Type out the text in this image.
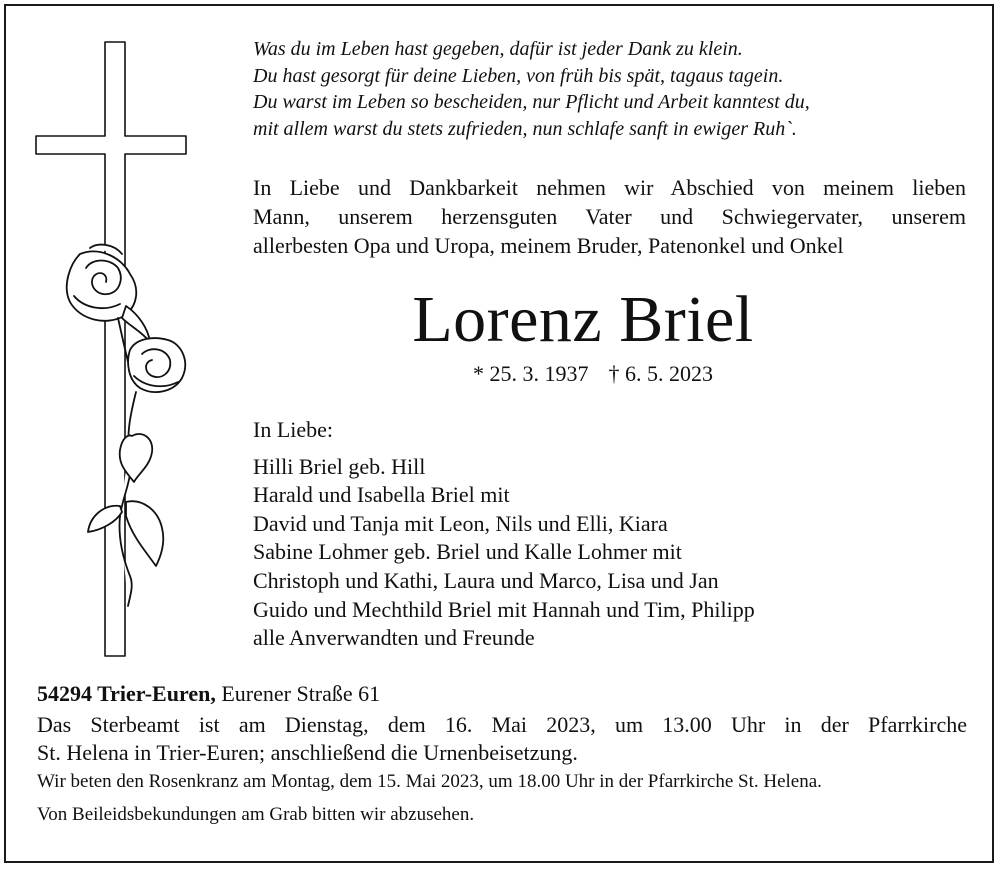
Was du im Leben hast gegeben, dafür ist jeder Dank zu klein.
Du hast gesorgt für deine Lieben, von früh bis spät, tagaus tagein.
Du warst im Leben so bescheiden, nur Pflicht und Arbeit kanntest du,
mit allem warst du stets zufrieden, nun schlafe sanft in ewiger Ruh`.
In Liebe und Dankbarkeit nehmen wir Abschied von meinem lieben
Mann, unserem herzensguten Vater und Schwiegervater, unserem
allerbesten Opa und Uropa, meinem Bruder, Patenonkel und Onkel
Lorenz Briel
* 25. 3. 1937 † 6. 5. 2023
In Liebe:
Hilli Briel geb. Hill
Harald und Isabella Briel mit
David und Tanja mit Leon, Nils und Elli, Kiara
Sabine Lohmer geb. Briel und Kalle Lohmer mit
Christoph und Kathi, Laura und Marco, Lisa und Jan
Guido und Mechthild Briel mit Hannah und Tim, Philipp
alle Anverwandten und Freunde
54294 Trier-Euren, Eurener Straße 61
Das Sterbeamt ist am Dienstag, dem 16. Mai 2023, um 13.00 Uhr in der Pfarrkirche
St. Helena in Trier-Euren; anschließend die Urnenbeisetzung.
Wir beten den Rosenkranz am Montag, dem 15. Mai 2023, um 18.00 Uhr in der Pfarrkirche St. Helena.
Von Beileidsbekundungen am Grab bitten wir abzusehen.
